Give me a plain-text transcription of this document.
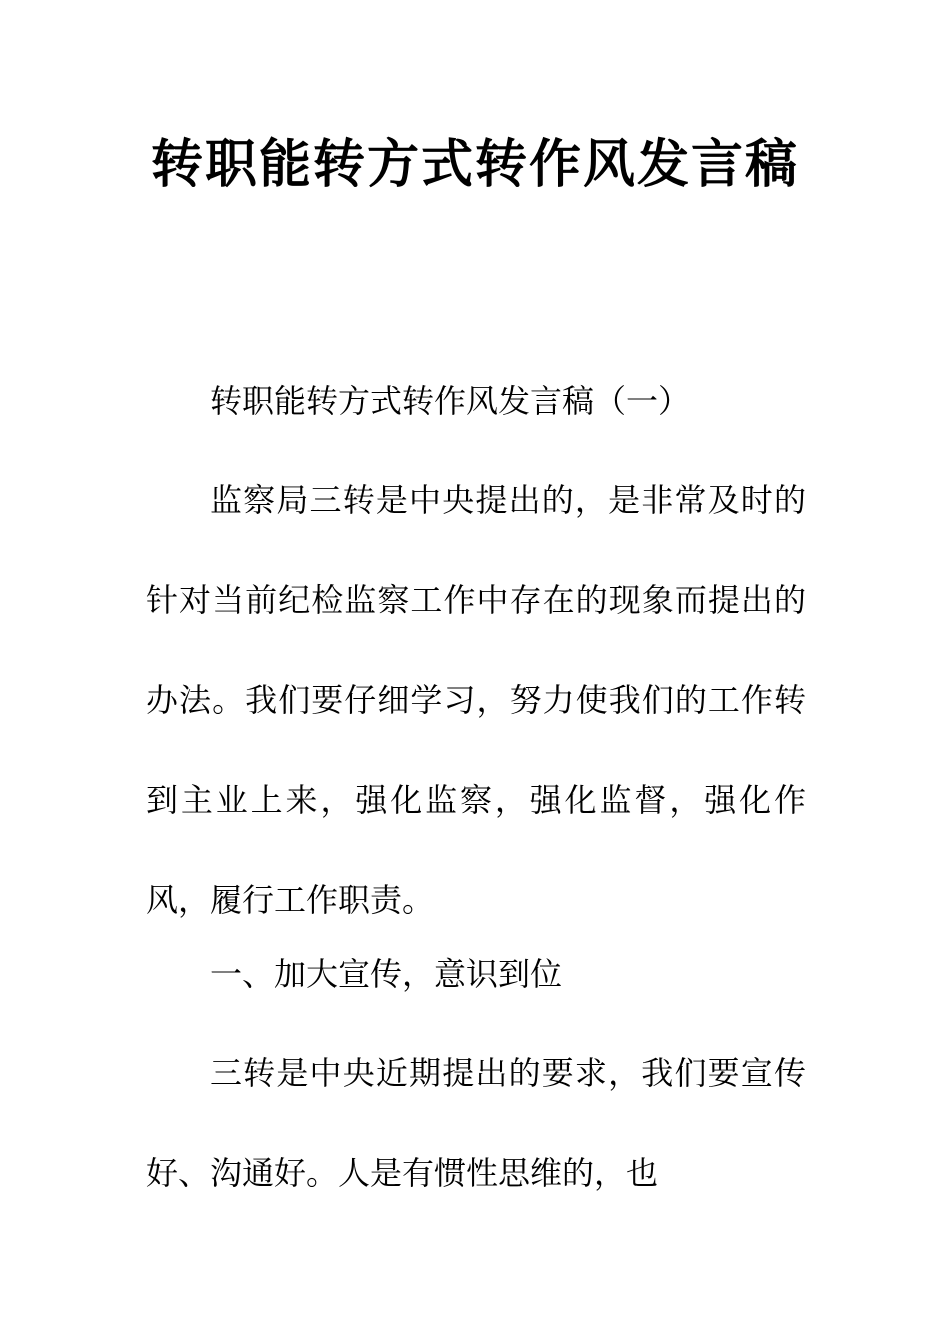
转职能转方式转作风发言稿

转职能转方式转作风发言稿（一）

监察局三转是中央提出的，是非常及时的针对当前纪检监察工作中存在的现象而提出的办法。我们要仔细学习，努力使我们的工作转到主业上来，强化监察，强化监督，强化作风，履行工作职责。

一、加大宣传，意识到位

三转是中央近期提出的要求，我们要宣传好、沟通好。人是有惯性思维的，也
